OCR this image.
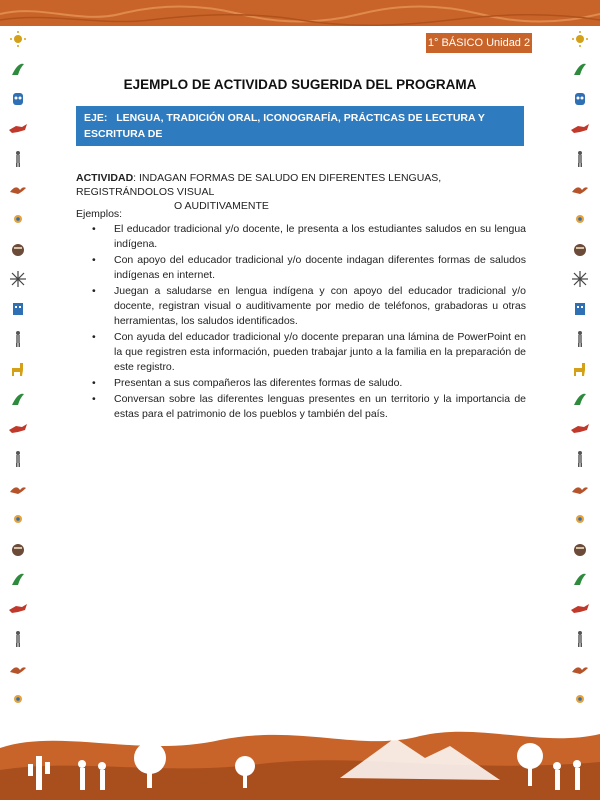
1° BÁSICO Unidad 2
EJEMPLO DE ACTIVIDAD SUGERIDA DEL PROGRAMA
EJE: LENGUA, TRADICIÓN ORAL, ICONOGRAFÍA, PRÁCTICAS DE LECTURA Y ESCRITURA DE
LOS PUEBLOS ORIGINARIOS.
ACTIVIDAD: INDAGAN FORMAS DE SALUDO EN DIFERENTES LENGUAS, REGISTRÁNDOLOS VISUAL
O AUDITIVAMENTE
Ejemplos:
• El educador tradicional y/o docente, le presenta a los estudiantes saludos en su lengua indígena.
• Con apoyo del educador tradicional y/o docente indagan diferentes formas de saludos indígenas en internet.
• Juegan a saludarse en lengua indígena y con apoyo del educador tradicional y/o docente, registran visual o auditivamente por medio de teléfonos, grabadoras u otras herramientas, los saludos identificados.
• Con ayuda del educador tradicional y/o docente preparan una lámina de PowerPoint en la que registren esta información, pueden trabajar junto a la familia en la preparación de este registro.
• Presentan a sus compañeros las diferentes formas de saludo.
• Conversan sobre las diferentes lenguas presentes en un territorio y la importancia de estas para el patrimonio de los pueblos y también del país.
